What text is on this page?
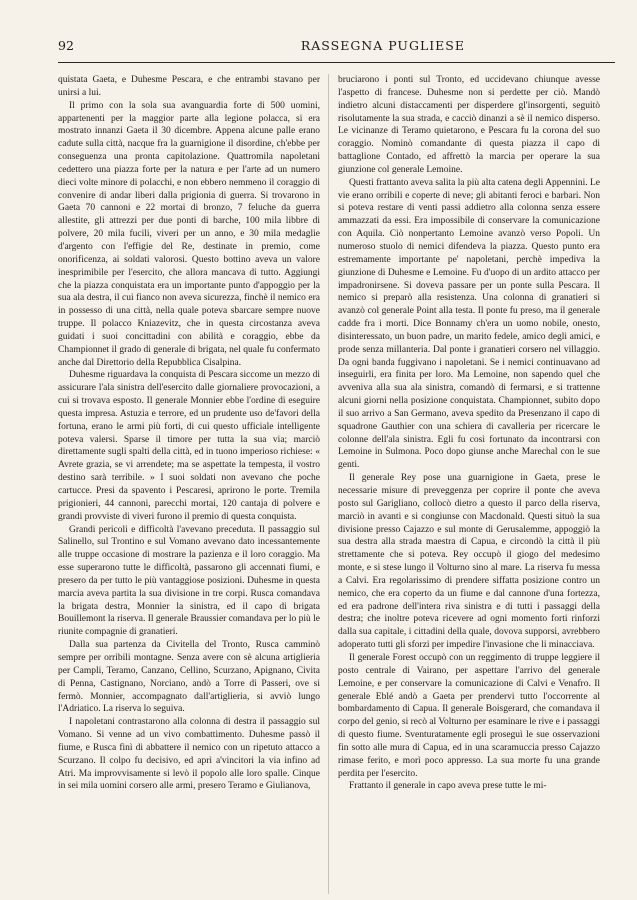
92	RASSEGNA PUGLIESE

quistata Gaeta, e Duhesme Pescara, e che entrambi stavano per unirsi a lui.

Il primo con la sola sua avanguardia forte di 500 uomini, appartenenti per la maggior parte alla legione polacca, si era mostrato innanzi Gaeta il 30 dicembre. Appena alcune palle erano cadute sulla città, nacque fra la guarnigione il disordine, ch'ebbe per conseguenza una pronta capitolazione. Quattromila napoletani cedettero una piazza forte per la natura e per l'arte ad un numero dieci volte minore di polacchi, e non ebbero nemmeno il coraggio di convenire di andar liberi dalla prigionia di guerra. Si trovarono in Gaeta 70 cannoni e 22 mortai di bronzo, 7 feluche da guerra allestite, gli attrezzi per due ponti di barche, 100 mila libbre di polvere, 20 mila fucili, viveri per un anno, e 30 mila medaglie d'argento con l'effigie del Re, destinate in premio, come onorificenza, ai soldati valorosi. Questo bottino aveva un valore inesprimibile per l'esercito, che allora mancava di tutto. Aggiungi che la piazza conquistata era un importante punto d'appoggio per la sua ala destra, il cui fianco non aveva sicurezza, finchè il nemico era in possesso di una città, nella quale poteva sbarcare sempre nuove truppe. Il polacco Kniazevitz, che in questa circostanza aveva guidati i suoi concittadini con abilità e coraggio, ebbe da Championnet il grado di generale di brigata, nel quale fu confermato anche dal Direttorio della Repubblica Cisalpina.

Duhesme riguardava la conquista di Pescara siccome un mezzo di assicurare l'ala sinistra dell'esercito dalle giornaliere provocazioni, a cui si trovava esposto. Il generale Monnier ebbe l'ordine di eseguire questa impresa. Astuzia e terrore, ed un prudente uso de'favori della fortuna, erano le armi più forti, di cui questo ufficiale intelligente poteva valersi. Sparse il timore per tutta la sua via; marciò direttamente sugli spalti della città, ed in tuono imperioso richiese: « Avrete grazia, se vi arrendete; ma se aspettate la tempesta, il vostro destino sarà terribile. » I suoi soldati non avevano che poche cartucce. Presi da spavento i Pescaresi, aprirono le porte. Tremila prigionieri, 44 cannoni, parecchi mortai, 120 cantaja di polvere e grandi provviste di viveri furono il premio di questa conquista.

Grandi pericoli e difficoltà l'avevano preceduta. Il passaggio sul Salinello, sul Trontino e sul Vomano avevano dato incessantemente alle truppe occasione di mostrare la pazienza e il loro coraggio. Ma esse superarono tutte le difficoltà, passarono gli accennati fiumi, e presero da per tutto le più vantaggiose posizioni. Duhesme in questa marcia aveva partita la sua divisione in tre corpi. Rusca comandava la brigata destra, Monnier la sinistra, ed il capo di brigata Bouillemont la riserva. Il generale Braussier comandava per lo più le riunite compagnie di granatieri.

Dalla sua partenza da Civitella del Tronto, Rusca camminò sempre per orribili montagne. Senza avere con sè alcuna artiglieria per Campli, Teramo, Canzano, Cellino, Scurzano, Apignano, Civita di Penna, Castignano, Norciano, andò a Torre di Passeri, ove si fermò. Monnier, accompagnato dall'artiglieria, si avviò lungo l'Adriatico. La riserva lo seguiva.

I napoletani contrastarono alla colonna di destra il passaggio sul Vomano. Si venne ad un vivo combattimento. Duhesme passò il fiume, e Rusca finì di abbattere il nemico con un ripetuto attacco a Scurzano. Il colpo fu decisivo, ed aprì a'vincitori la via infino ad Atri. Ma improvvisamente si levò il popolo alle loro spalle. Cinque in sei mila uomini corsero alle armi, presero Teramo e Giulianova,

bruciarono i ponti sul Tronto, ed uccidevano chiunque avesse l'aspetto di francese. Duhesme non si perdette per ciò. Mandò indietro alcuni distaccamenti per disperdere gl'insorgenti, seguitò risolutamente la sua strada, e cacciò dinanzi a sè il nemico disperso. Le vicinanze di Teramo quietarono, e Pescara fu la corona del suo coraggio. Nominò comandante di questa piazza il capo di battaglione Contado, ed affrettò la marcia per operare la sua giunzione col generale Lemoine.

Questi frattanto aveva salita la più alta catena degli Appennini. Le vie erano orribili e coperte di neve; gli abitanti feroci e barbari. Non si poteva restare di venti passi addietro alla colonna senza essere ammazzati da essi. Era impossibile di conservare la comunicazione con Aquila. Ciò nonpertanto Lemoine avanzò verso Popoli. Un numeroso stuolo di nemici difendeva la piazza. Questo punto era estremamente importante pe' napoletani, perchè impediva la giunzione di Duhesme e Lemoine. Fu d'uopo di un ardito attacco per impadronirsene. Si doveva passare per un ponte sulla Pescara. Il nemico si preparò alla resistenza. Una colonna di granatieri si avanzò col generale Point alla testa. Il ponte fu preso, ma il generale cadde fra i morti. Dice Bonnamy ch'era un uomo nobile, onesto, disinteressato, un buon padre, un marito fedele, amico degli amici, e prode senza millanteria. Dal ponte i granatieri corsero nel villaggio. Da ogni banda fuggivano i napoletani. Se i nemici continuavano ad inseguirli, era finita per loro. Ma Lemoine, non sapendo quel che avveniva alla sua ala sinistra, comandò di fermarsi, e si trattenne alcuni giorni nella posizione conquistata. Championnet, subito dopo il suo arrivo a San Germano, aveva spedito da Presenzano il capo di squadrone Gauthier con una schiera di cavalleria per ricercare le colonne dell'ala sinistra. Egli fu così fortunato da incontrarsi con Lemoine in Sulmona. Poco dopo giunse anche Marechal con le sue genti.

Il generale Rey pose una guarnigione in Gaeta, prese le necessarie misure di preveggenza per coprire il ponte che aveva posto sul Garigliano, collocò dietro a questo il parco della riserva, marciò in avanti e si congiunse con Macdonald. Questi situò la sua divisione presso Cajazzo e sul monte di Gerusalemme, appoggiò la sua destra alla strada maestra di Capua, e circondò la città il più strettamente che si poteva. Rey occupò il giogo del medesimo monte, e si stese lungo il Volturno sino al mare. La riserva fu messa a Calvi. Era regolarissimo di prendere siffatta posizione contro un nemico, che era coperto da un fiume e dal cannone d'una fortezza, ed era padrone dell'intera riva sinistra e di tutti i passaggi della destra; che inoltre poteva ricevere ad ogni momento forti rinforzi dalla sua capitale, i cittadini della quale, dovova supporsi, avrebbero adoperato tutti gli sforzi per impedire l'invasione che li minacciava.

Il generale Forest occupò con un reggimento di truppe leggiere il posto centrale di Vairano, per aspettare l'arrivo del generale Lemoine, e per conservare la comunicazione di Calvi e Venafro. Il generale Eblé andò a Gaeta per prendervi tutto l'occorrente al bombardamento di Capua. Il generale Boisgerard, che comandava il corpo del genio, si recò al Volturno per esaminare le rive e i passaggi di questo fiume. Sventuratamente egli proseguì le sue osservazioni fin sotto alle mura di Capua, ed in una scaramuccia presso Cajazzo rimase ferito, e morì poco appresso. La sua morte fu una grande perdita per l'esercito.

Frattanto il generale in capo aveva prese tutte le mi-
